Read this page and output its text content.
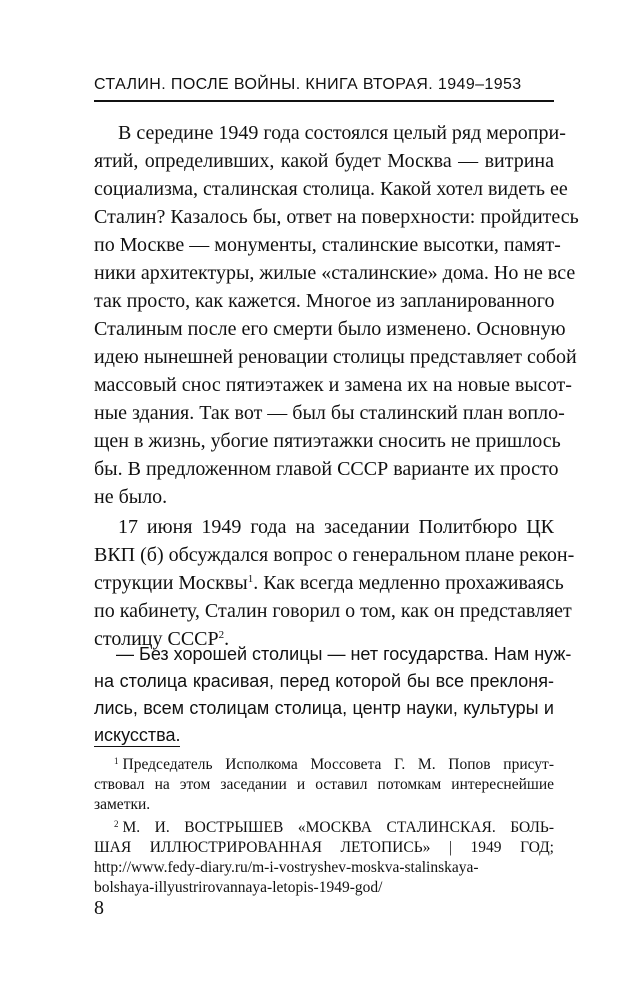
СТАЛИН. ПОСЛЕ ВОЙНЫ. КНИГА ВТОРАЯ. 1949–1953
В середине 1949 года состоялся целый ряд меропри-
ятий, определивших, какой будет Москва — витрина
социализма, сталинская столица. Какой хотел видеть ее
Сталин? Казалось бы, ответ на поверхности: пройдитесь
по Москве — монументы, сталинские высотки, памят-
ники архитектуры, жилые «сталинские» дома. Но не все
так просто, как кажется. Многое из запланированного
Сталиным после его смерти было изменено. Основную
идею нынешней реновации столицы представляет собой
массовый снос пятиэтажек и замена их на новые высот-
ные здания. Так вот — был бы сталинский план вопло-
щен в жизнь, убогие пятиэтажки сносить не пришлось
бы. В предложенном главой СССР варианте их просто
не было.
17 июня 1949 года на заседании Политбюро ЦК
ВКП (б) обсуждался вопрос о генеральном плане рекон-
струкции Москвы$^1$. Как всегда медленно прохаживаясь
по кабинету, Сталин говорил о том, как он представляет
столицу СССР$^2$.
— Без хорошей столицы — нет государства. Нам нуж-
на столица красивая, перед которой бы все преклоня-
лись, всем столицам столица, центр науки, культуры и
искусства.
$^1$ Председатель Исполкома Моссовета Г. М. Попов присут-
ствовал на этом заседании и оставил потомкам интереснейшие
заметки.
$^2$ М. И. ВОСТРЫШЕВ «МОСКВА СТАЛИНСКАЯ. БОЛЬ-
ШАЯ ИЛЛЮСТРИРОВАННАЯ ЛЕТОПИСЬ» | 1949 ГОД;
http://www.fedy-diary.ru/m-i-vostryshev-moskva-stalinskaya-
bolshaya-illyustrirovannaya-letopis-1949-god/
8
